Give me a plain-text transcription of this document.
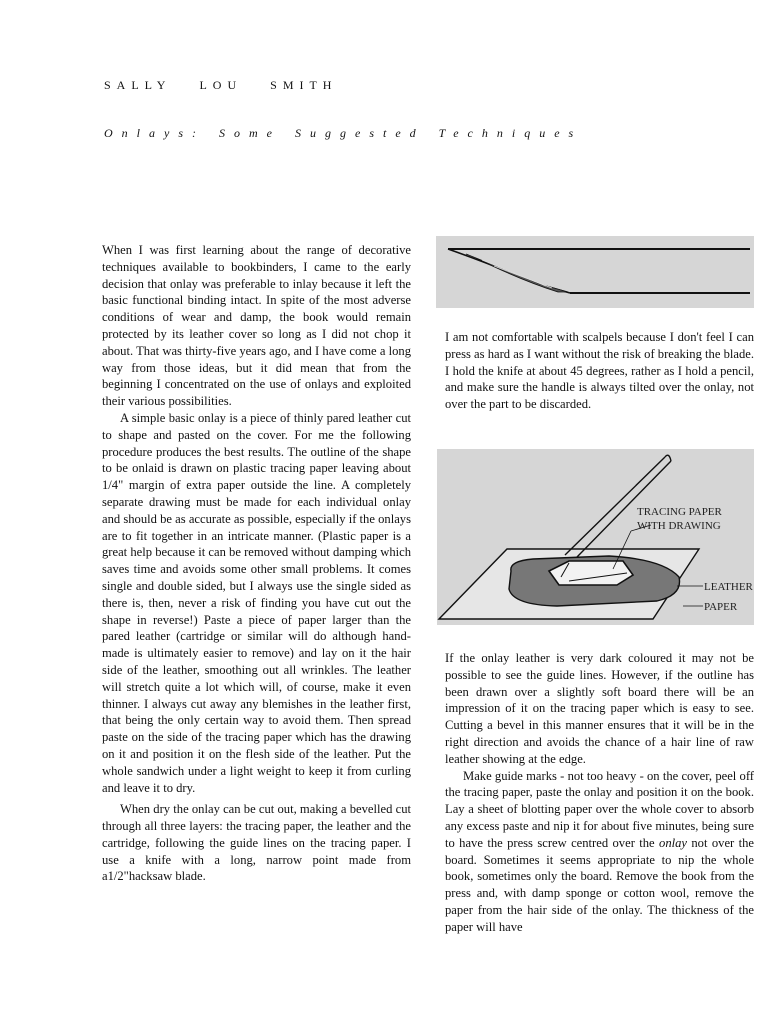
SALLY LOU SMITH
Onlays: Some Suggested Techniques

When I was first learning about the range of decorative techniques available to bookbinders, I came to the early decision that onlay was preferable to inlay because it left the basic functional binding intact. In spite of the most adverse conditions of wear and damp, the book would remain protected by its leather cover so long as I did not chop it about. That was thirty-five years ago, and I have come a long way from those ideas, but it did mean that from the beginning I concentrated on the use of onlays and exploited their various possibilities.

A simple basic onlay is a piece of thinly pared leather cut to shape and pasted on the cover. For me the following procedure produces the best results. The outline of the shape to be onlaid is drawn on plastic tracing paper leaving about 1/4" margin of extra paper outside the line. A completely separate drawing must be made for each individual onlay and should be as accurate as possible, especially if the onlays are to fit together in an intricate manner. (Plastic paper is a great help because it can be removed without damping which saves time and avoids some other small problems. It comes single and double sided, but I always use the single sided as there is, then, never a risk of finding you have cut out the shape in reverse!) Paste a piece of paper larger than the pared leather (cartridge or similar will do although hand-made is ultimately easier to remove) and lay on it the hair side of the leather, smoothing out all wrinkles. The leather will stretch quite a lot which will, of course, make it even thinner. I always cut away any blemishes in the leather first, that being the only certain way to avoid them. Then spread paste on the side of the tracing paper which has the drawing on it and position it on the flesh side of the leather. Put the whole sandwich under a light weight to keep it from curling and leave it to dry.

When dry the onlay can be cut out, making a bevelled cut through all three layers: the tracing paper, the leather and the cartridge, following the guide lines on the tracing paper. I use a knife with a long, narrow point made from a1/2"hacksaw blade.

I am not comfortable with scalpels because I don't feel I can press as hard as I want without the risk of breaking the blade. I hold the knife at about 45 degrees, rather as I hold a pencil, and make sure the handle is always tilted over the onlay, not over the part to be discarded.

TRACING PAPER
WITH DRAWING
LEATHER
PAPER

If the onlay leather is very dark coloured it may not be possible to see the guide lines. However, if the outline has been drawn over a slightly soft board there will be an impression of it on the tracing paper which is easy to see. Cutting a bevel in this manner ensures that it will be in the right direction and avoids the chance of a hair line of raw leather showing at the edge.

Make guide marks - not too heavy - on the cover, peel off the tracing paper, paste the onlay and position it on the book. Lay a sheet of blotting paper over the whole cover to absorb any excess paste and nip it for about five minutes, being sure to have the press screw centred over the onlay not over the board. Sometimes it seems appropriate to nip the whole book, sometimes only the board. Remove the book from the press and, with damp sponge or cotton wool, remove the paper from the hair side of the onlay. The thickness of the paper will have
